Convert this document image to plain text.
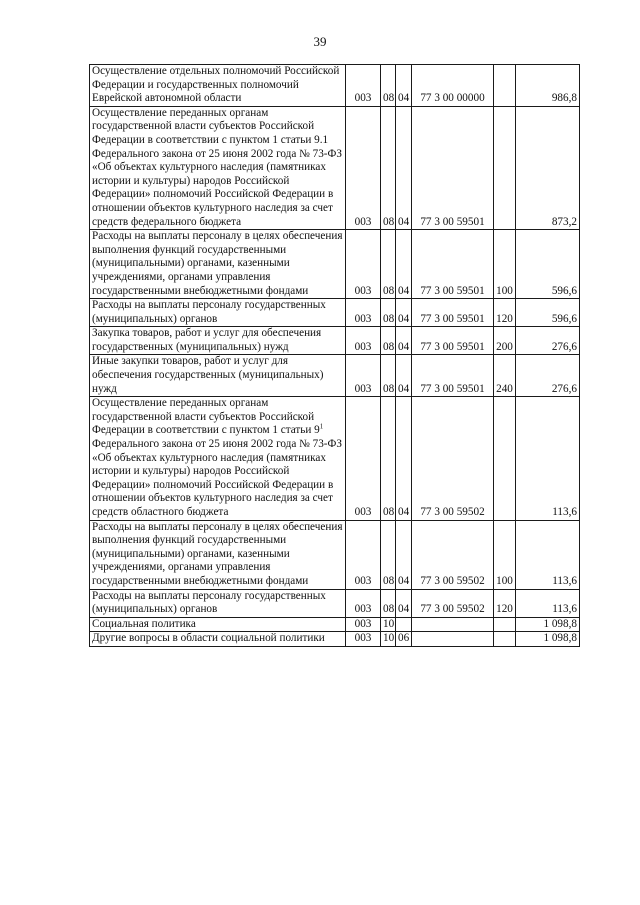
39
Осуществление отдельных полномочий Российской Федерации и государственных полномочий Еврейской автономной области	003	08	04	77 3 00 00000		986,8
Осуществление переданных органам государственной власти субъектов Российской Федерации в соответствии с пунктом 1 статьи 9.1 Федерального закона от 25 июня 2002 года № 73-ФЗ «Об объектах культурного наследия (памятниках истории и культуры) народов Российской Федерации» полномочий Российской Федерации в отношении объектов культурного наследия за счет средств федерального бюджета	003	08	04	77 3 00 59501		873,2
Расходы на выплаты персоналу в целях обеспечения выполнения функций государственными (муниципальными) органами, казенными учреждениями, органами управления государственными внебюджетными фондами	003	08	04	77 3 00 59501	100	596,6
Расходы на выплаты персоналу государственных (муниципальных) органов	003	08	04	77 3 00 59501	120	596,6
Закупка товаров, работ и услуг для обеспечения государственных (муниципальных) нужд	003	08	04	77 3 00 59501	200	276,6
Иные закупки товаров, работ и услуг для обеспечения государственных (муниципальных) нужд	003	08	04	77 3 00 59501	240	276,6
Осуществление переданных органам государственной власти субъектов Российской Федерации в соответствии с пунктом 1 статьи $9^1$ Федерального закона от 25 июня 2002 года № 73-ФЗ «Об объектах культурного наследия (памятниках истории и культуры) народов Российской Федерации» полномочий Российской Федерации в отношении объектов культурного наследия за счет средств областного бюджета	003	08	04	77 3 00 59502		113,6
Расходы на выплаты персоналу в целях обеспечения выполнения функций государственными (муниципальными) органами, казенными учреждениями, органами управления государственными внебюджетными фондами	003	08	04	77 3 00 59502	100	113,6
Расходы на выплаты персоналу государственных (муниципальных) органов	003	08	04	77 3 00 59502	120	113,6
Социальная политика	003	10				1 098,8
Другие вопросы в области социальной политики	003	10	06			1 098,8
